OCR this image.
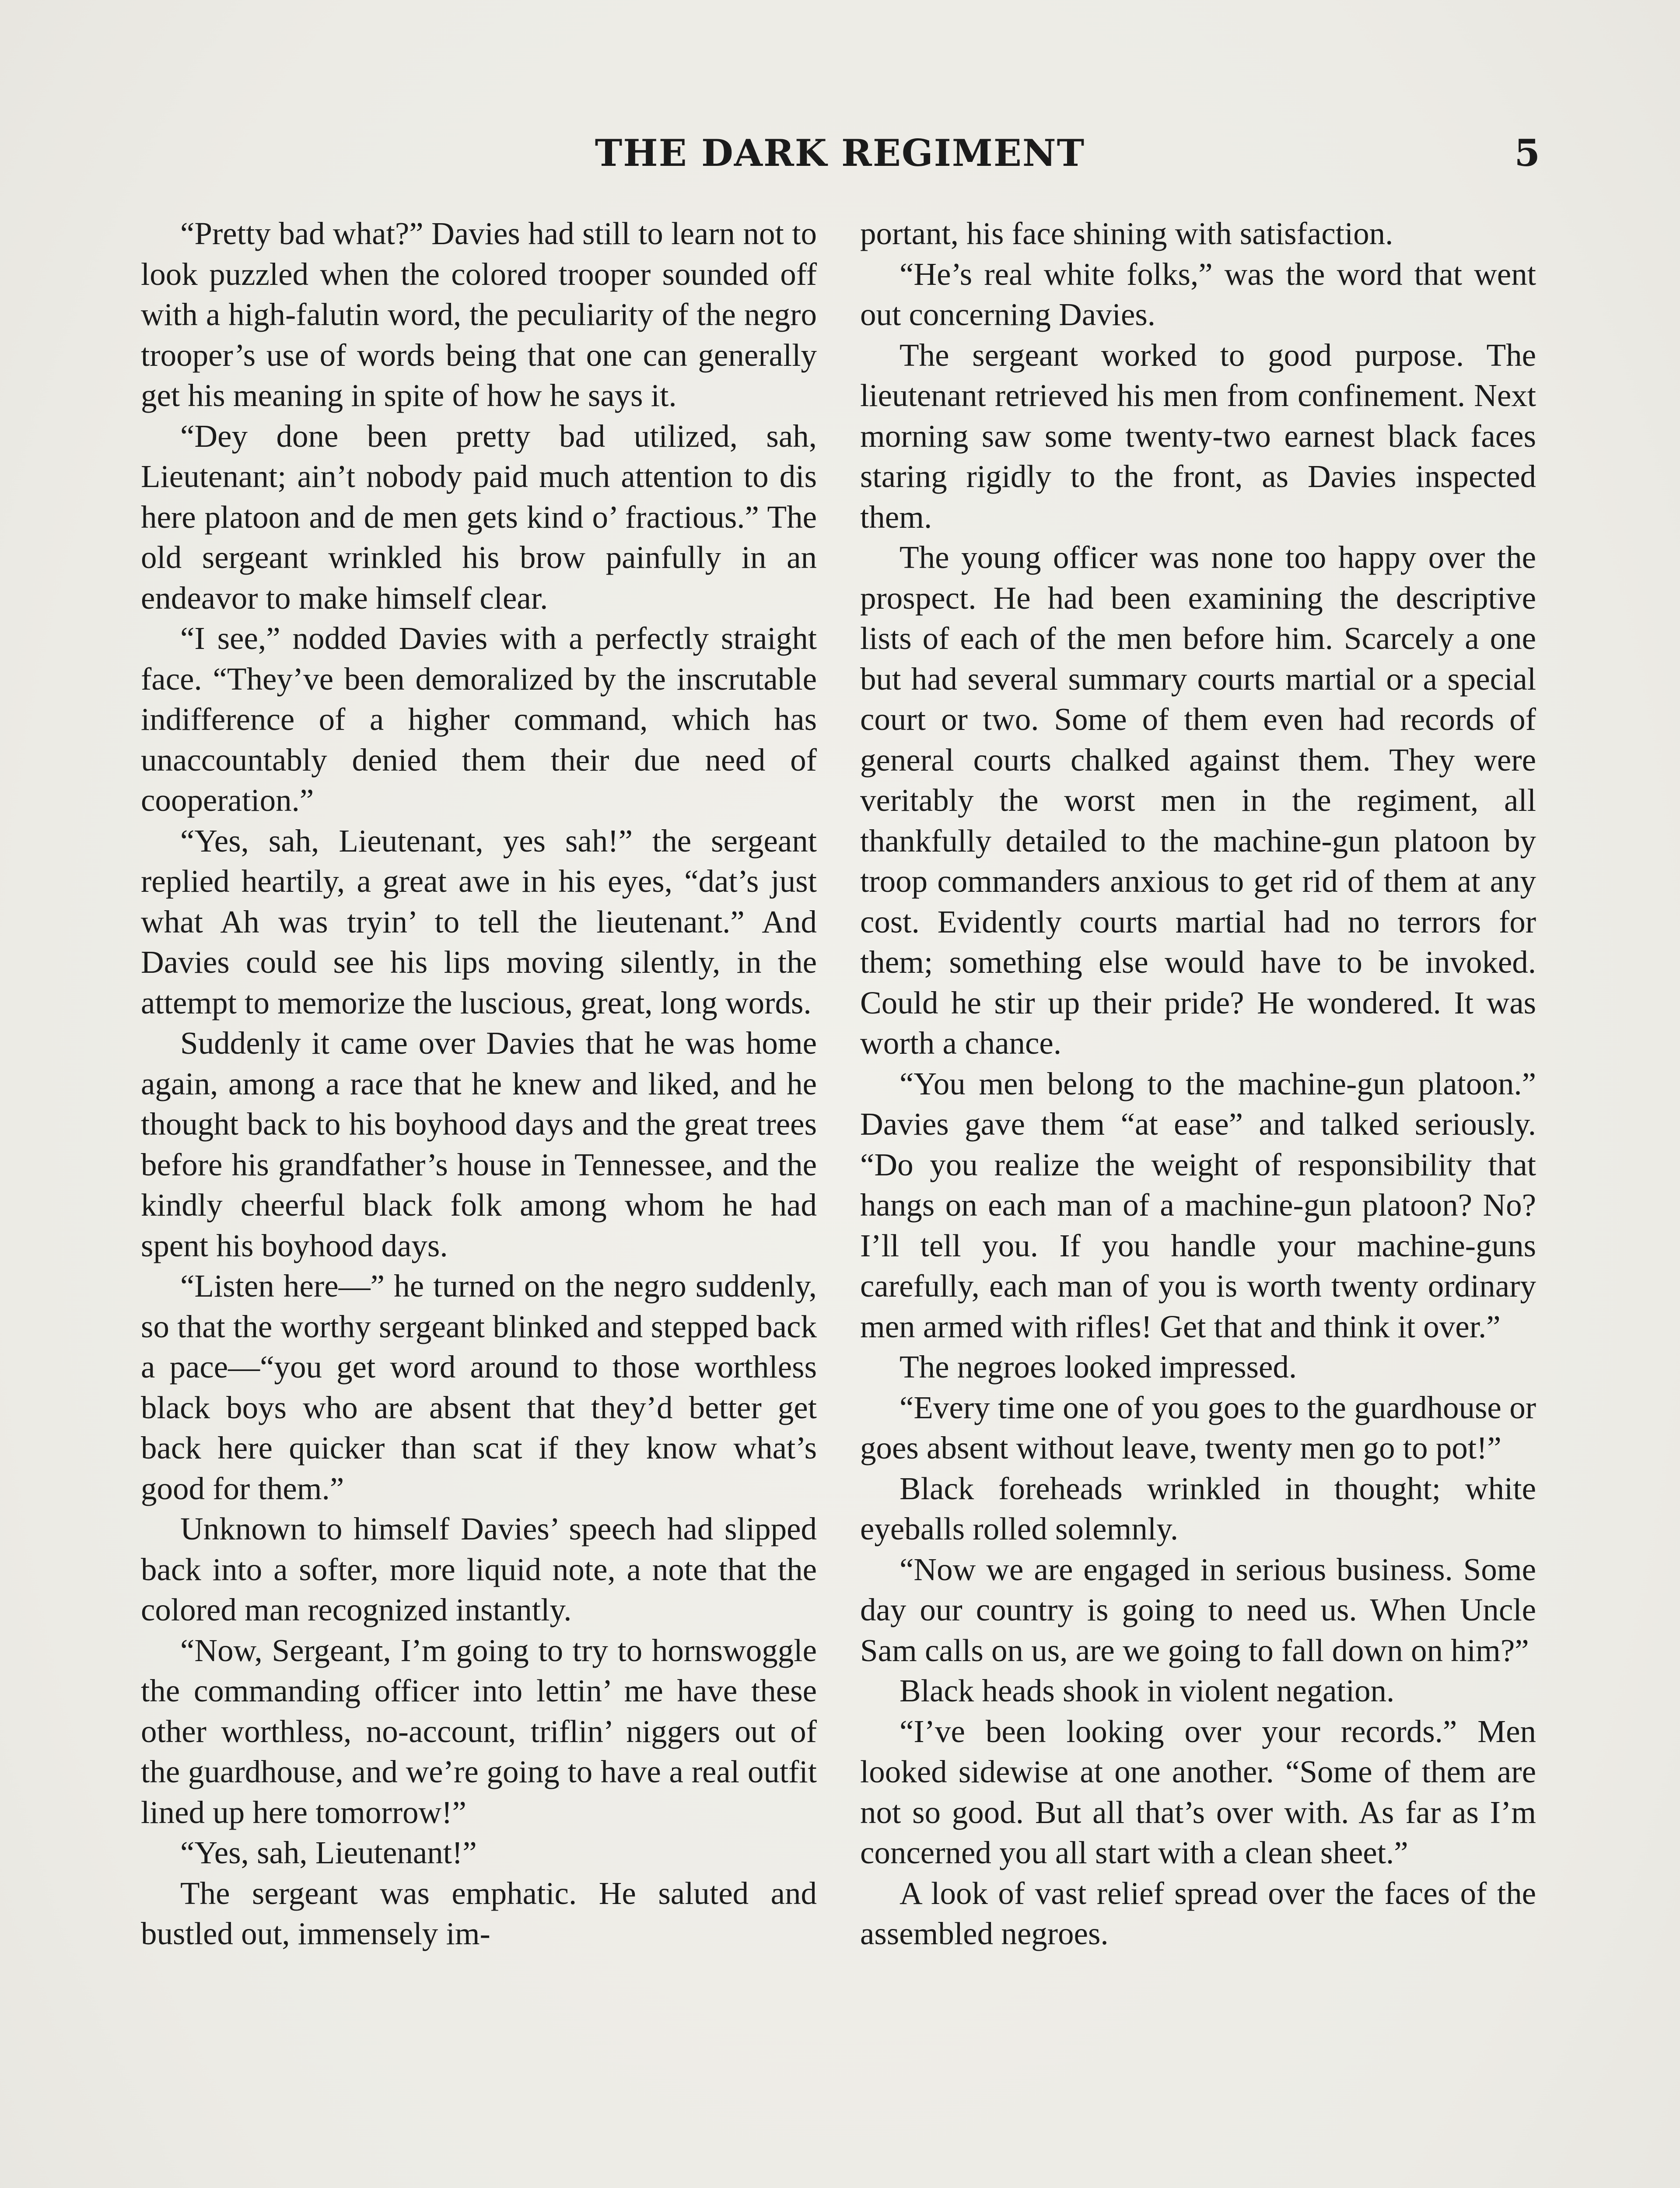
THE DARK REGIMENT	5

“Pretty bad what?” Davies had still to learn not to look puzzled when the colored trooper sounded off with a high-falutin word, the peculiarity of the negro trooper’s use of words being that one can generally get his meaning in spite of how he says it.

“Dey done been pretty bad utilized, sah, Lieutenant; ain’t nobody paid much attention to dis here platoon and de men gets kind o’ fractious.” The old sergeant wrinkled his brow painfully in an endeavor to make himself clear.

“I see,” nodded Davies with a perfectly straight face. “They’ve been demoralized by the inscrutable indifference of a higher command, which has unaccountably denied them their due need of cooperation.”

“Yes, sah, Lieutenant, yes sah!” the sergeant replied heartily, a great awe in his eyes, “dat’s just what Ah was tryin’ to tell the lieutenant.” And Davies could see his lips moving silently, in the attempt to memorize the luscious, great, long words.

Suddenly it came over Davies that he was home again, among a race that he knew and liked, and he thought back to his boyhood days and the great trees before his grandfather’s house in Tennessee, and the kindly cheerful black folk among whom he had spent his boyhood days.

“Listen here—” he turned on the negro suddenly, so that the worthy sergeant blinked and stepped back a pace—“you get word around to those worthless black boys who are absent that they’d better get back here quicker than scat if they know what’s good for them.”

Unknown to himself Davies’ speech had slipped back into a softer, more liquid note, a note that the colored man recognized instantly.

“Now, Sergeant, I’m going to try to hornswoggle the commanding officer into lettin’ me have these other worthless, no-account, triflin’ niggers out of the guardhouse, and we’re going to have a real outfit lined up here tomorrow!”

“Yes, sah, Lieutenant!”

The sergeant was emphatic. He saluted and bustled out, immensely im-

portant, his face shining with satisfaction.

“He’s real white folks,” was the word that went out concerning Davies.

The sergeant worked to good purpose. The lieutenant retrieved his men from confinement. Next morning saw some twenty-two earnest black faces staring rigidly to the front, as Davies inspected them.

The young officer was none too happy over the prospect. He had been examining the descriptive lists of each of the men before him. Scarcely a one but had several summary courts martial or a special court or two. Some of them even had records of general courts chalked against them. They were veritably the worst men in the regiment, all thankfully detailed to the machine-gun platoon by troop commanders anxious to get rid of them at any cost. Evidently courts martial had no terrors for them; something else would have to be invoked. Could he stir up their pride? He wondered. It was worth a chance.

“You men belong to the machine-gun platoon.” Davies gave them “at ease” and talked seriously. “Do you realize the weight of responsibility that hangs on each man of a machine-gun platoon? No? I’ll tell you. If you handle your machine-guns carefully, each man of you is worth twenty ordinary men armed with rifles! Get that and think it over.”

The negroes looked impressed.

“Every time one of you goes to the guardhouse or goes absent without leave, twenty men go to pot!”

Black foreheads wrinkled in thought; white eyeballs rolled solemnly.

“Now we are engaged in serious business. Some day our country is going to need us. When Uncle Sam calls on us, are we going to fall down on him?”

Black heads shook in violent negation.

“I’ve been looking over your records.” Men looked sidewise at one another. “Some of them are not so good. But all that’s over with. As far as I’m concerned you all start with a clean sheet.”

A look of vast relief spread over the faces of the assembled negroes.
